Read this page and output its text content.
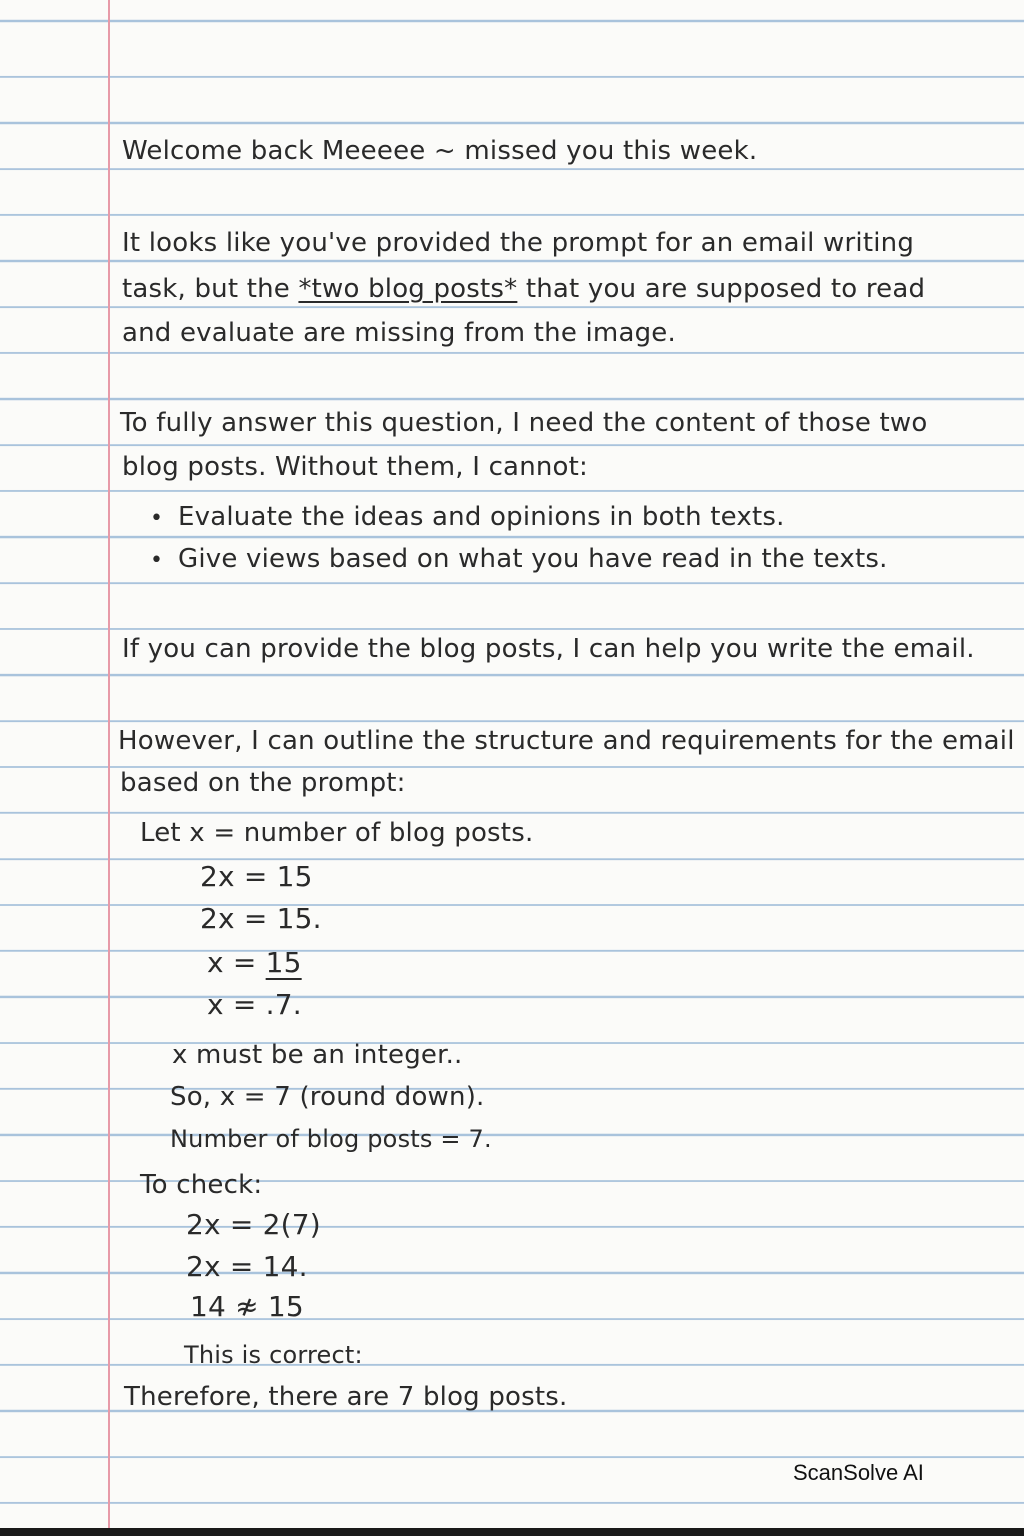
Welcome back Meeeee ~ missed you this week.
It looks like you've provided the prompt for an email writing
task, but the *two blog posts* that you are supposed to read
and evaluate are missing from the image.
To fully answer this question, I need the content of those two
blog posts. Without them, I cannot:
• Evaluate the ideas and opinions in both texts.
• Give views based on what you have read in the texts.
If you can provide the blog posts, I can help you write the email.
However, I can outline the structure and requirements for the email
based on the prompt:
Let x = number of blog posts.
2x = 15
2x = 15.
x = 15
x = .7.
x must be an integer..
So, x = 7 (round down).
Number of blog posts = 7.
To check:
2x = 2(7)
2x = 14.
14 ≉ 15
This is correct:
Therefore, there are 7 blog posts.
ScanSolve AI
